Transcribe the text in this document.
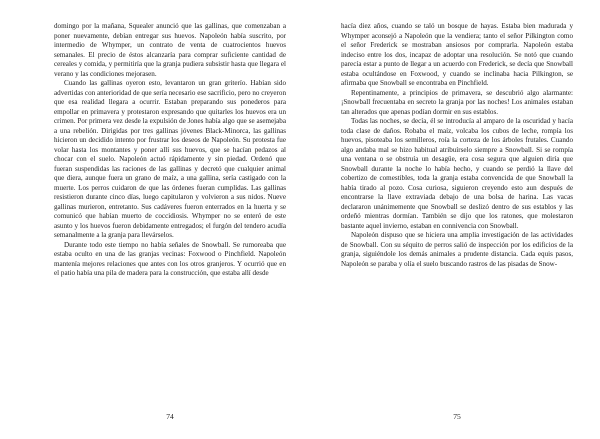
domingo por la mañana, Squealer anunció que las gallinas, que comenzaban a poner nuevamente, debían entregar sus huevos. Napoleón había suscrito, por intermedio de Whymper, un contrato de venta de cuatrocientos huevos semanales. El precio de éstos alcanzaría para comprar suficiente cantidad de cereales y comida, y permitiría que la granja pudiera subsistir hasta que llegara el verano y las condiciones mejorasen.

Cuando las gallinas oyeron esto, levantaron un gran griterío. Habían sido advertidas con anterioridad de que sería necesario ese sacrificio, pero no creyeron que esa realidad llegara a ocurrir. Estaban preparando sus ponederos para empollar en primavera y protestaron expresando que quitarles los huevos era un crimen. Por primera vez desde la expulsión de Jones había algo que se asemejaba a una rebelión. Dirigidas por tres gallinas jóvenes Black-Minorca, las gallinas hicieron un decidido intento por frustrar los deseos de Napoleón. Su protesta fue volar hasta los montantes y poner allí sus huevos, que se hacían pedazos al chocar con el suelo. Napoleón actuó rápidamente y sin piedad. Ordenó que fueran suspendidas las raciones de las gallinas y decretó que cualquier animal que diera, aunque fuera un grano de maíz, a una gallina, sería castigado con la muerte. Los perros cuidaron de que las órdenes fueran cumplidas. Las gallinas resistieron durante cinco días, luego capitularon y volvieron a sus nidos. Nueve gallinas murieron, entretanto. Sus cadáveres fueron enterrados en la huerta y se comunicó que habían muerto de coccidiosis. Whymper no se enteró de este asunto y los huevos fueron debidamente entregados; el furgón del tendero acudía semanalmente a la granja para llevárselos.

Durante todo este tiempo no había señales de Snowball. Se rumoreaba que estaba oculto en una de las granjas vecinas: Foxwood o Pinchfield. Napoleón mantenía mejores relaciones que antes con los otros granjeros. Y ocurrió que en el patio había una pila de madera para la construcción, que estaba allí desde

74

hacía diez años, cuando se taló un bosque de hayas. Estaba bien madurada y Whymper aconsejó a Napoleón que la vendiera; tanto el señor Pilkington como el señor Frederick se mostraban ansiosos por comprarla. Napoleón estaba indeciso entre los dos, incapaz de adoptar una resolución. Se notó que cuando parecía estar a punto de llegar a un acuerdo con Frederick, se decía que Snowball estaba ocultándose en Foxwood, y cuando se inclinaba hacia Pilkington, se afirmaba que Snowball se encontraba en Pinchfield.

Repentinamente, a principios de primavera, se descubrió algo alarmante: ¡Snowball frecuentaba en secreto la granja por las noches! Los animales estaban tan alterados que apenas podían dormir en sus establos.

Todas las noches, se decía, él se introducía al amparo de la oscuridad y hacía toda clase de daños. Robaba el maíz, volcaba los cubos de leche, rompía los huevos, pisoteaba los semilleros, roía la corteza de los árboles frutales. Cuando algo andaba mal se hizo habitual atribuírselo siempre a Snowball. Si se rompía una ventana o se obstruía un desagüe, era cosa segura que alguien diría que Snowball durante la noche lo había hecho, y cuando se perdió la llave del cobertizo de comestibles, toda la granja estaba convencida de que Snowball la había tirado al pozo. Cosa curiosa, siguieron creyendo esto aun después de encontrarse la llave extraviada debajo de una bolsa de harina. Las vacas declararon unánimemente que Snowball se deslizó dentro de sus establos y las ordeñó mientras dormían. También se dijo que los ratones, que molestaron bastante aquel invierno, estaban en connivencia con Snowball.

Napoleón dispuso que se hiciera una amplia investigación de las actividades de Snowball. Con su séquito de perros salió de inspección por los edificios de la granja, siguiéndole los demás animales a prudente distancia. Cada equis pasos, Napoleón se paraba y olía el suelo buscando rastros de las pisadas de Snow-

75
